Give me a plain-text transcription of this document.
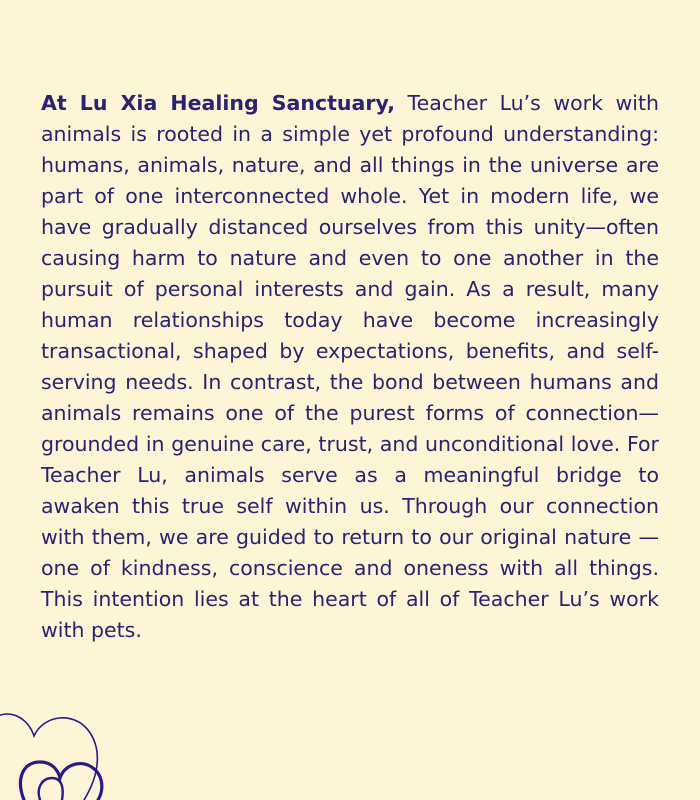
At Lu Xia Healing Sanctuary, Teacher Lu’s work with animals is rooted in a simple yet profound understanding: humans, animals, nature, and all things in the universe are part of one interconnected whole. Yet in modern life, we have gradually distanced ourselves from this unity—often causing harm to nature and even to one another in the pursuit of personal interests and gain. As a result, many human relationships today have become increasingly transactional, shaped by expectations, benefits, and self-serving needs. In contrast, the bond between humans and animals remains one of the purest forms of connection—grounded in genuine care, trust, and unconditional love. For Teacher Lu, animals serve as a meaningful bridge to awaken this true self within us. Through our connection with them, we are guided to return to our original nature — one of kindness, conscience and oneness with all things. This intention lies at the heart of all of Teacher Lu’s work with pets.
